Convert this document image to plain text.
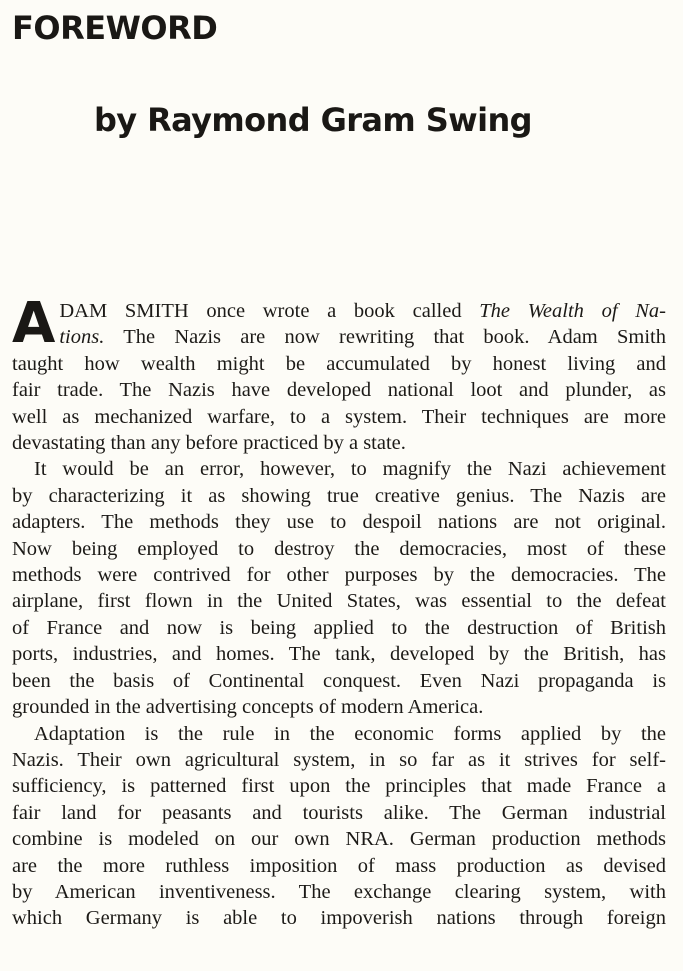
FOREWORD
by Raymond Gram Swing

A DAM SMITH once wrote a book called The Wealth of Na-
tions. The Nazis are now rewriting that book. Adam Smith
taught how wealth might be accumulated by honest living and
fair trade. The Nazis have developed national loot and plunder, as
well as mechanized warfare, to a system. Their techniques are more
devastating than any before practiced by a state.

It would be an error, however, to magnify the Nazi achievement
by characterizing it as showing true creative genius. The Nazis are
adapters. The methods they use to despoil nations are not original.
Now being employed to destroy the democracies, most of these
methods were contrived for other purposes by the democracies. The
airplane, first flown in the United States, was essential to the defeat
of France and now is being applied to the destruction of British
ports, industries, and homes. The tank, developed by the British, has
been the basis of Continental conquest. Even Nazi propaganda is
grounded in the advertising concepts of modern America.

Adaptation is the rule in the economic forms applied by the
Nazis. Their own agricultural system, in so far as it strives for self-
sufficiency, is patterned first upon the principles that made France a
fair land for peasants and tourists alike. The German industrial
combine is modeled on our own NRA. German production methods
are the more ruthless imposition of mass production as devised
by American inventiveness. The exchange clearing system, with
which Germany is able to impoverish nations through foreign
